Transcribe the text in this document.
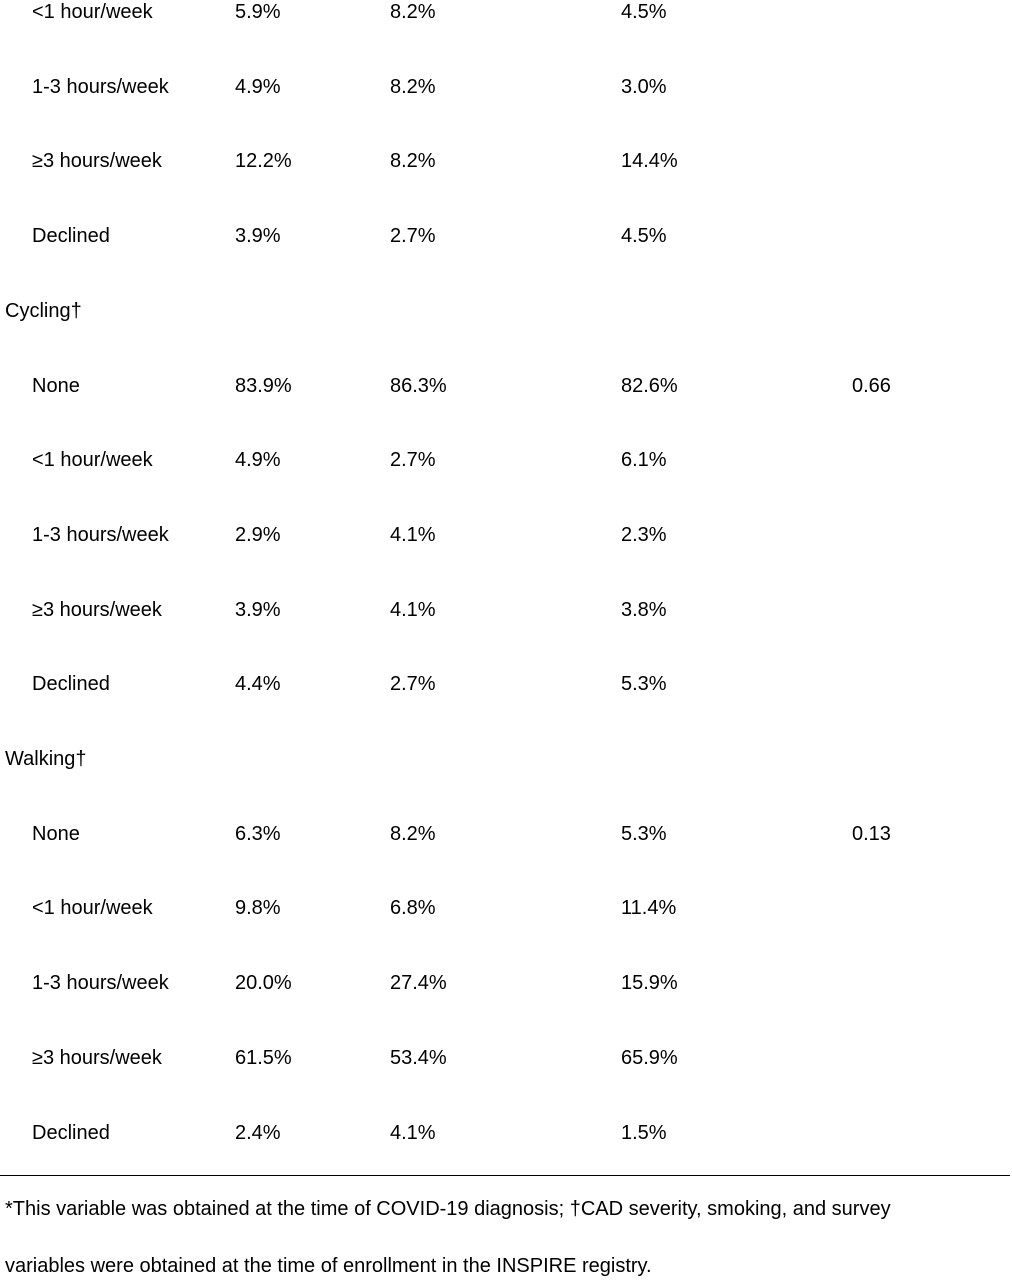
<1 hour/week	5.9%	8.2%	4.5%
1-3 hours/week	4.9%	8.2%	3.0%
≥3 hours/week	12.2%	8.2%	14.4%
Declined	3.9%	2.7%	4.5%
Cycling†
None	83.9%	86.3%	82.6%	0.66
<1 hour/week	4.9%	2.7%	6.1%
1-3 hours/week	2.9%	4.1%	2.3%
≥3 hours/week	3.9%	4.1%	3.8%
Declined	4.4%	2.7%	5.3%
Walking†
None	6.3%	8.2%	5.3%	0.13
<1 hour/week	9.8%	6.8%	11.4%
1-3 hours/week	20.0%	27.4%	15.9%
≥3 hours/week	61.5%	53.4%	65.9%
Declined	2.4%	4.1%	1.5%
*This variable was obtained at the time of COVID-19 diagnosis; †CAD severity, smoking, and survey
variables were obtained at the time of enrollment in the INSPIRE registry.
